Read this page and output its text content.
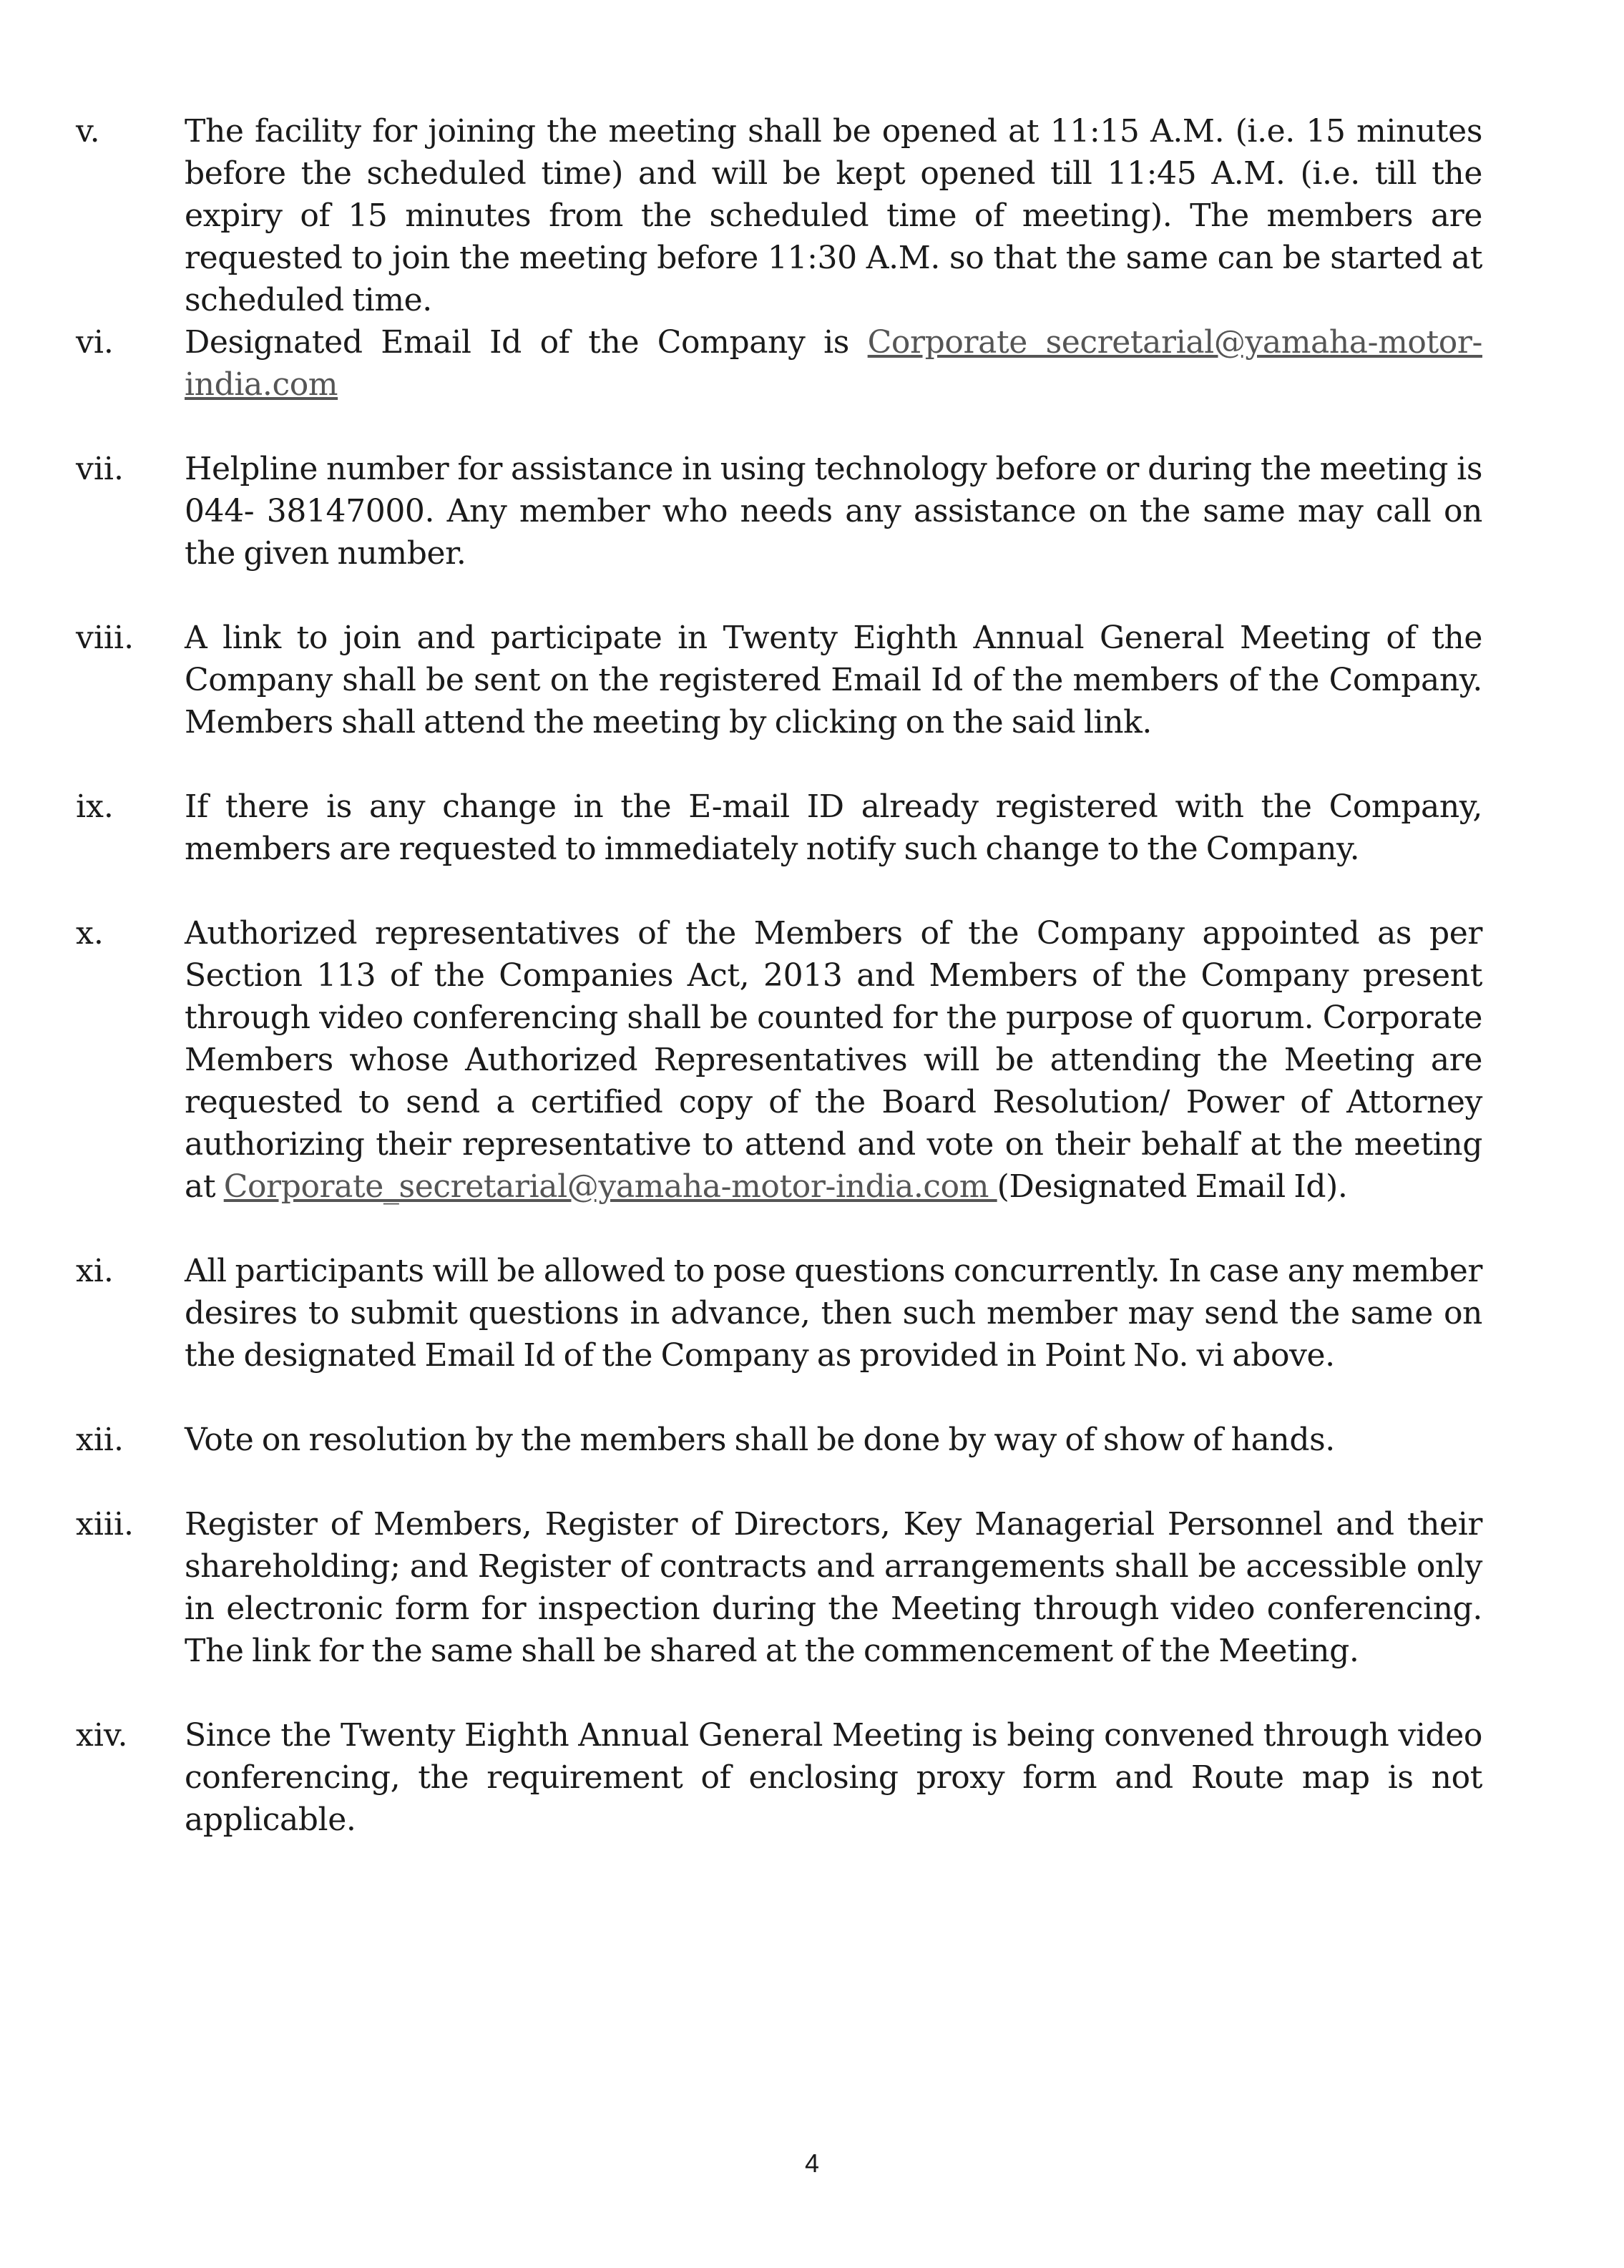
v.	The facility for joining the meeting shall be opened at 11:15 A.M. (i.e. 15 minutes before the scheduled time) and will be kept opened till 11:45 A.M. (i.e. till the expiry of 15 minutes from the scheduled time of meeting). The members are requested to join the meeting before 11:30 A.M. so that the same can be started at scheduled time.
vi.	Designated Email Id of the Company is Corporate secretarial@yamaha-motor-india.com
vii.	Helpline number for assistance in using technology before or during the meeting is 044- 38147000. Any member who needs any assistance on the same may call on the given number.
viii.	A link to join and participate in Twenty Eighth Annual General Meeting of the Company shall be sent on the registered Email Id of the members of the Company. Members shall attend the meeting by clicking on the said link.
ix.	If there is any change in the E-mail ID already registered with the Company, members are requested to immediately notify such change to the Company.
x.	Authorized representatives of the Members of the Company appointed as per Section 113 of the Companies Act, 2013 and Members of the Company present through video conferencing shall be counted for the purpose of quorum. Corporate Members whose Authorized Representatives will be attending the Meeting are requested to send a certified copy of the Board Resolution/ Power of Attorney authorizing their representative to attend and vote on their behalf at the meeting at Corporate_secretarial@yamaha-motor-india.com (Designated Email Id).
xi.	All participants will be allowed to pose questions concurrently. In case any member desires to submit questions in advance, then such member may send the same on the designated Email Id of the Company as provided in Point No. vi above.
xii.	Vote on resolution by the members shall be done by way of show of hands.
xiii.	Register of Members, Register of Directors, Key Managerial Personnel and their shareholding; and Register of contracts and arrangements shall be accessible only in electronic form for inspection during the Meeting through video conferencing. The link for the same shall be shared at the commencement of the Meeting.
xiv.	Since the Twenty Eighth Annual General Meeting is being convened through video conferencing, the requirement of enclosing proxy form and Route map is not applicable.
4
